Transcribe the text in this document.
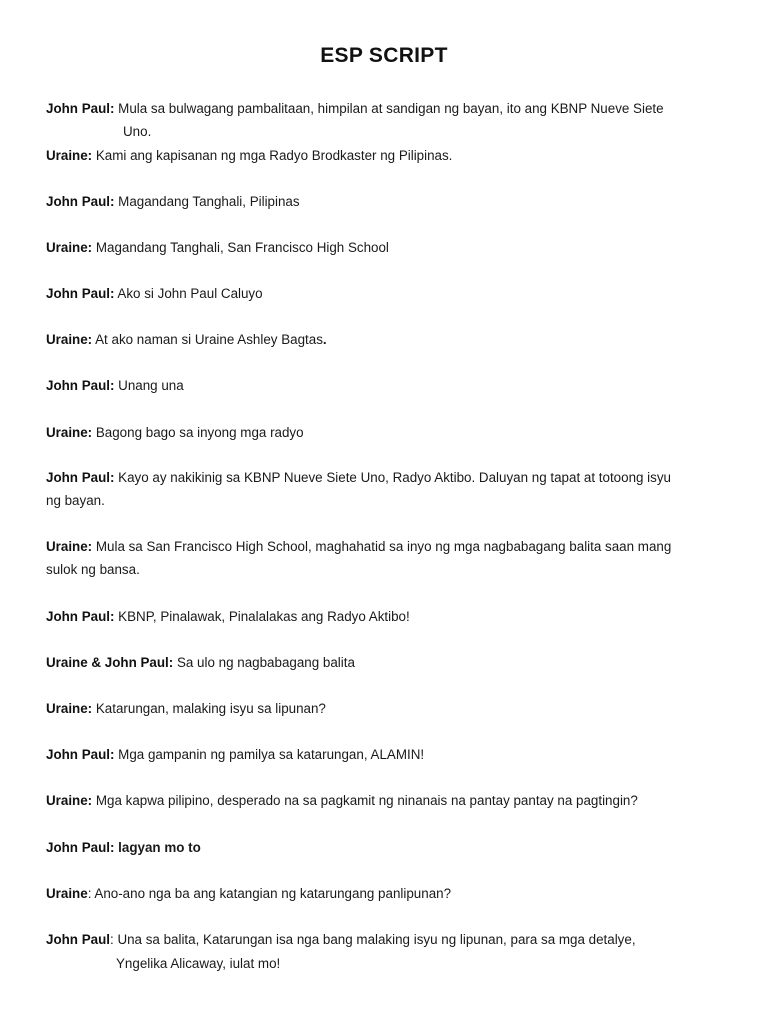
ESP SCRIPT
John Paul: Mula sa bulwagang pambalitaan, himpilan at sandigan ng bayan, ito ang KBNP Nueve Siete
Uno.
Uraine: Kami ang kapisanan ng mga Radyo Brodkaster ng Pilipinas.
John Paul: Magandang Tanghali, Pilipinas
Uraine: Magandang Tanghali, San Francisco High School
John Paul: Ako si John Paul Caluyo
Uraine: At ako naman si Uraine Ashley Bagtas.
John Paul: Unang una
Uraine: Bagong bago sa inyong mga radyo
John Paul: Kayo ay nakikinig sa KBNP Nueve Siete Uno, Radyo Aktibo. Daluyan ng tapat at totoong isyu
ng bayan.
Uraine: Mula sa San Francisco High School, maghahatid sa inyo ng mga nagbabagang balita saan mang
sulok ng bansa.
John Paul: KBNP, Pinalawak, Pinalalakas ang Radyo Aktibo!
Uraine & John Paul: Sa ulo ng nagbabagang balita
Uraine: Katarungan, malaking isyu sa lipunan?
John Paul: Mga gampanin ng pamilya sa katarungan, ALAMIN!
Uraine: Mga kapwa pilipino, desperado na sa pagkamit ng ninanais na pantay pantay na pagtingin?
John Paul: lagyan mo to
Uraine: Ano-ano nga ba ang katangian ng katarungang panlipunan?
John Paul: Una sa balita, Katarungan isa nga bang malaking isyu ng lipunan, para sa mga detalye,
Yngelika Alicaway, iulat mo!
